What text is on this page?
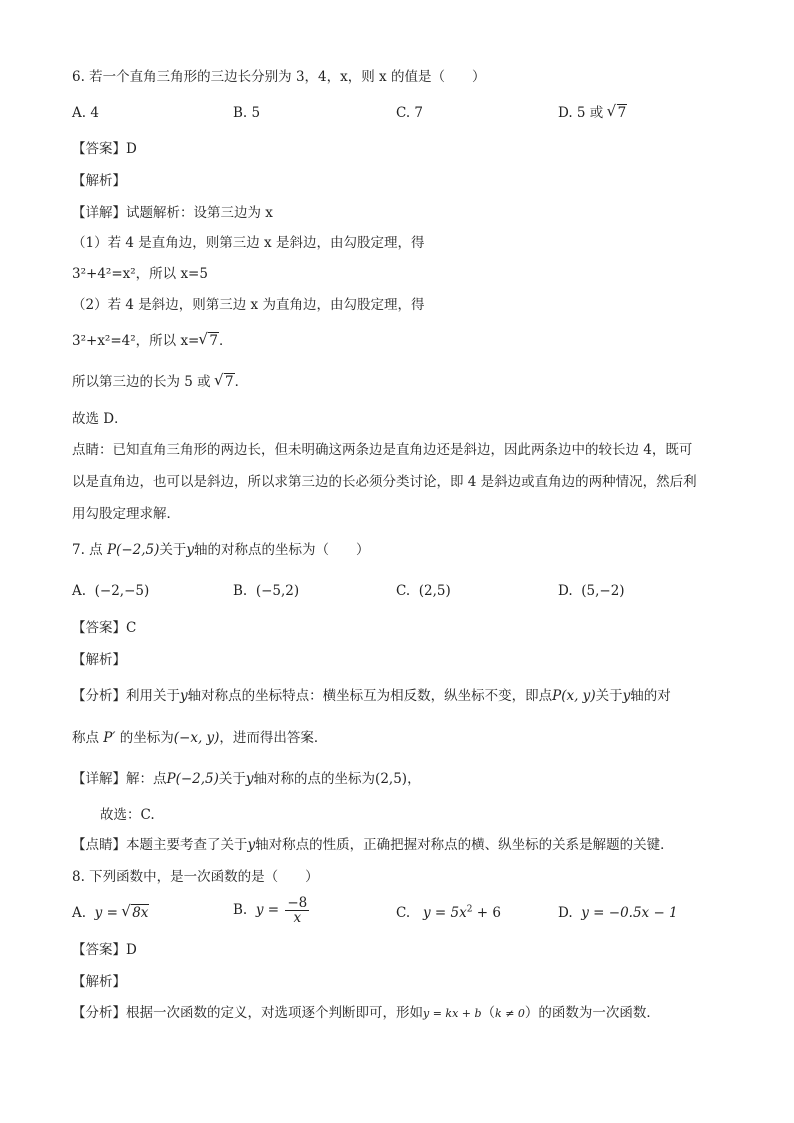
6. 若一个直角三角形的三边长分别为 3，4，x，则 x 的值是（　　）
A. 4	B. 5	C. 7	D. 5 或 √ 7
【答案】D
【解析】
【详解】试题解析：设第三边为 x
（1）若 4 是直角边，则第三边 x 是斜边，由勾股定理，得
3²+4²=x²，所以 x=5
（2）若 4 是斜边，则第三边 x 为直角边，由勾股定理，得
3²+x²=4²，所以 x= √ 7．
所以第三边的长为 5 或 √ 7．
故选 D．
点睛：已知直角三角形的两边长，但未明确这两条边是直角边还是斜边，因此两条边中的较长边 4，既可
以是直角边，也可以是斜边，所以求第三边的长必须分类讨论，即 4 是斜边或直角边的两种情况，然后利
用勾股定理求解．
7. 点 P(−2,5)关于y轴的对称点的坐标为（　　）
A. (−2,−5)	B. (−5,2)	C. (2,5)	D. (5,−2)
【答案】C
【解析】
【分析】利用关于y轴对称点的坐标特点：横坐标互为相反数，纵坐标不变，即点P(x, y)关于y轴的对
称点 P′ 的坐标为(−x, y)，进而得出答案．
【详解】解：点P(−2,5)关于y轴对称的点的坐标为(2,5)，
故选：C.
【点睛】本题主要考查了关于y轴对称点的性质，正确把握对称点的横、纵坐标的关系是解题的关键．
8. 下列函数中，是一次函数的是（　　）
A. y = √ 8x	B. $y = \frac{-8}{x}$	C. $y = 5x^2 + 6$	D. y = −0.5x − 1
【答案】D
【解析】
【分析】根据一次函数的定义，对选项逐个判断即可，形如y = kx + b（k ≠ 0）的函数为一次函数．
